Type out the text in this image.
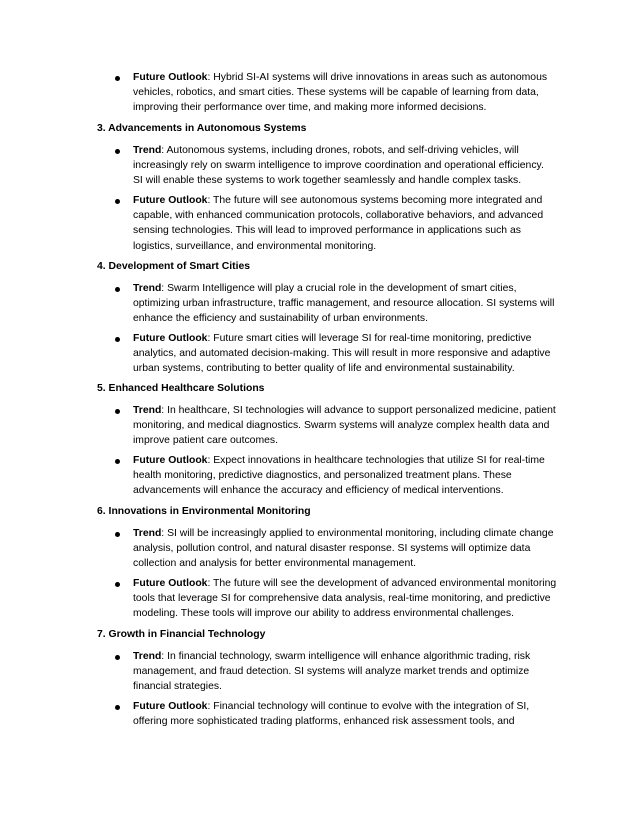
Future Outlook: Hybrid SI-AI systems will drive innovations in areas such as autonomous
vehicles, robotics, and smart cities. These systems will be capable of learning from data,
improving their performance over time, and making more informed decisions.
3. Advancements in Autonomous Systems
Trend: Autonomous systems, including drones, robots, and self-driving vehicles, will
increasingly rely on swarm intelligence to improve coordination and operational efficiency.
SI will enable these systems to work together seamlessly and handle complex tasks.
Future Outlook: The future will see autonomous systems becoming more integrated and
capable, with enhanced communication protocols, collaborative behaviors, and advanced
sensing technologies. This will lead to improved performance in applications such as
logistics, surveillance, and environmental monitoring.
4. Development of Smart Cities
Trend: Swarm Intelligence will play a crucial role in the development of smart cities,
optimizing urban infrastructure, traffic management, and resource allocation. SI systems will
enhance the efficiency and sustainability of urban environments.
Future Outlook: Future smart cities will leverage SI for real-time monitoring, predictive
analytics, and automated decision-making. This will result in more responsive and adaptive
urban systems, contributing to better quality of life and environmental sustainability.
5. Enhanced Healthcare Solutions
Trend: In healthcare, SI technologies will advance to support personalized medicine, patient
monitoring, and medical diagnostics. Swarm systems will analyze complex health data and
improve patient care outcomes.
Future Outlook: Expect innovations in healthcare technologies that utilize SI for real-time
health monitoring, predictive diagnostics, and personalized treatment plans. These
advancements will enhance the accuracy and efficiency of medical interventions.
6. Innovations in Environmental Monitoring
Trend: SI will be increasingly applied to environmental monitoring, including climate change
analysis, pollution control, and natural disaster response. SI systems will optimize data
collection and analysis for better environmental management.
Future Outlook: The future will see the development of advanced environmental monitoring
tools that leverage SI for comprehensive data analysis, real-time monitoring, and predictive
modeling. These tools will improve our ability to address environmental challenges.
7. Growth in Financial Technology
Trend: In financial technology, swarm intelligence will enhance algorithmic trading, risk
management, and fraud detection. SI systems will analyze market trends and optimize
financial strategies.
Future Outlook: Financial technology will continue to evolve with the integration of SI,
offering more sophisticated trading platforms, enhanced risk assessment tools, and
